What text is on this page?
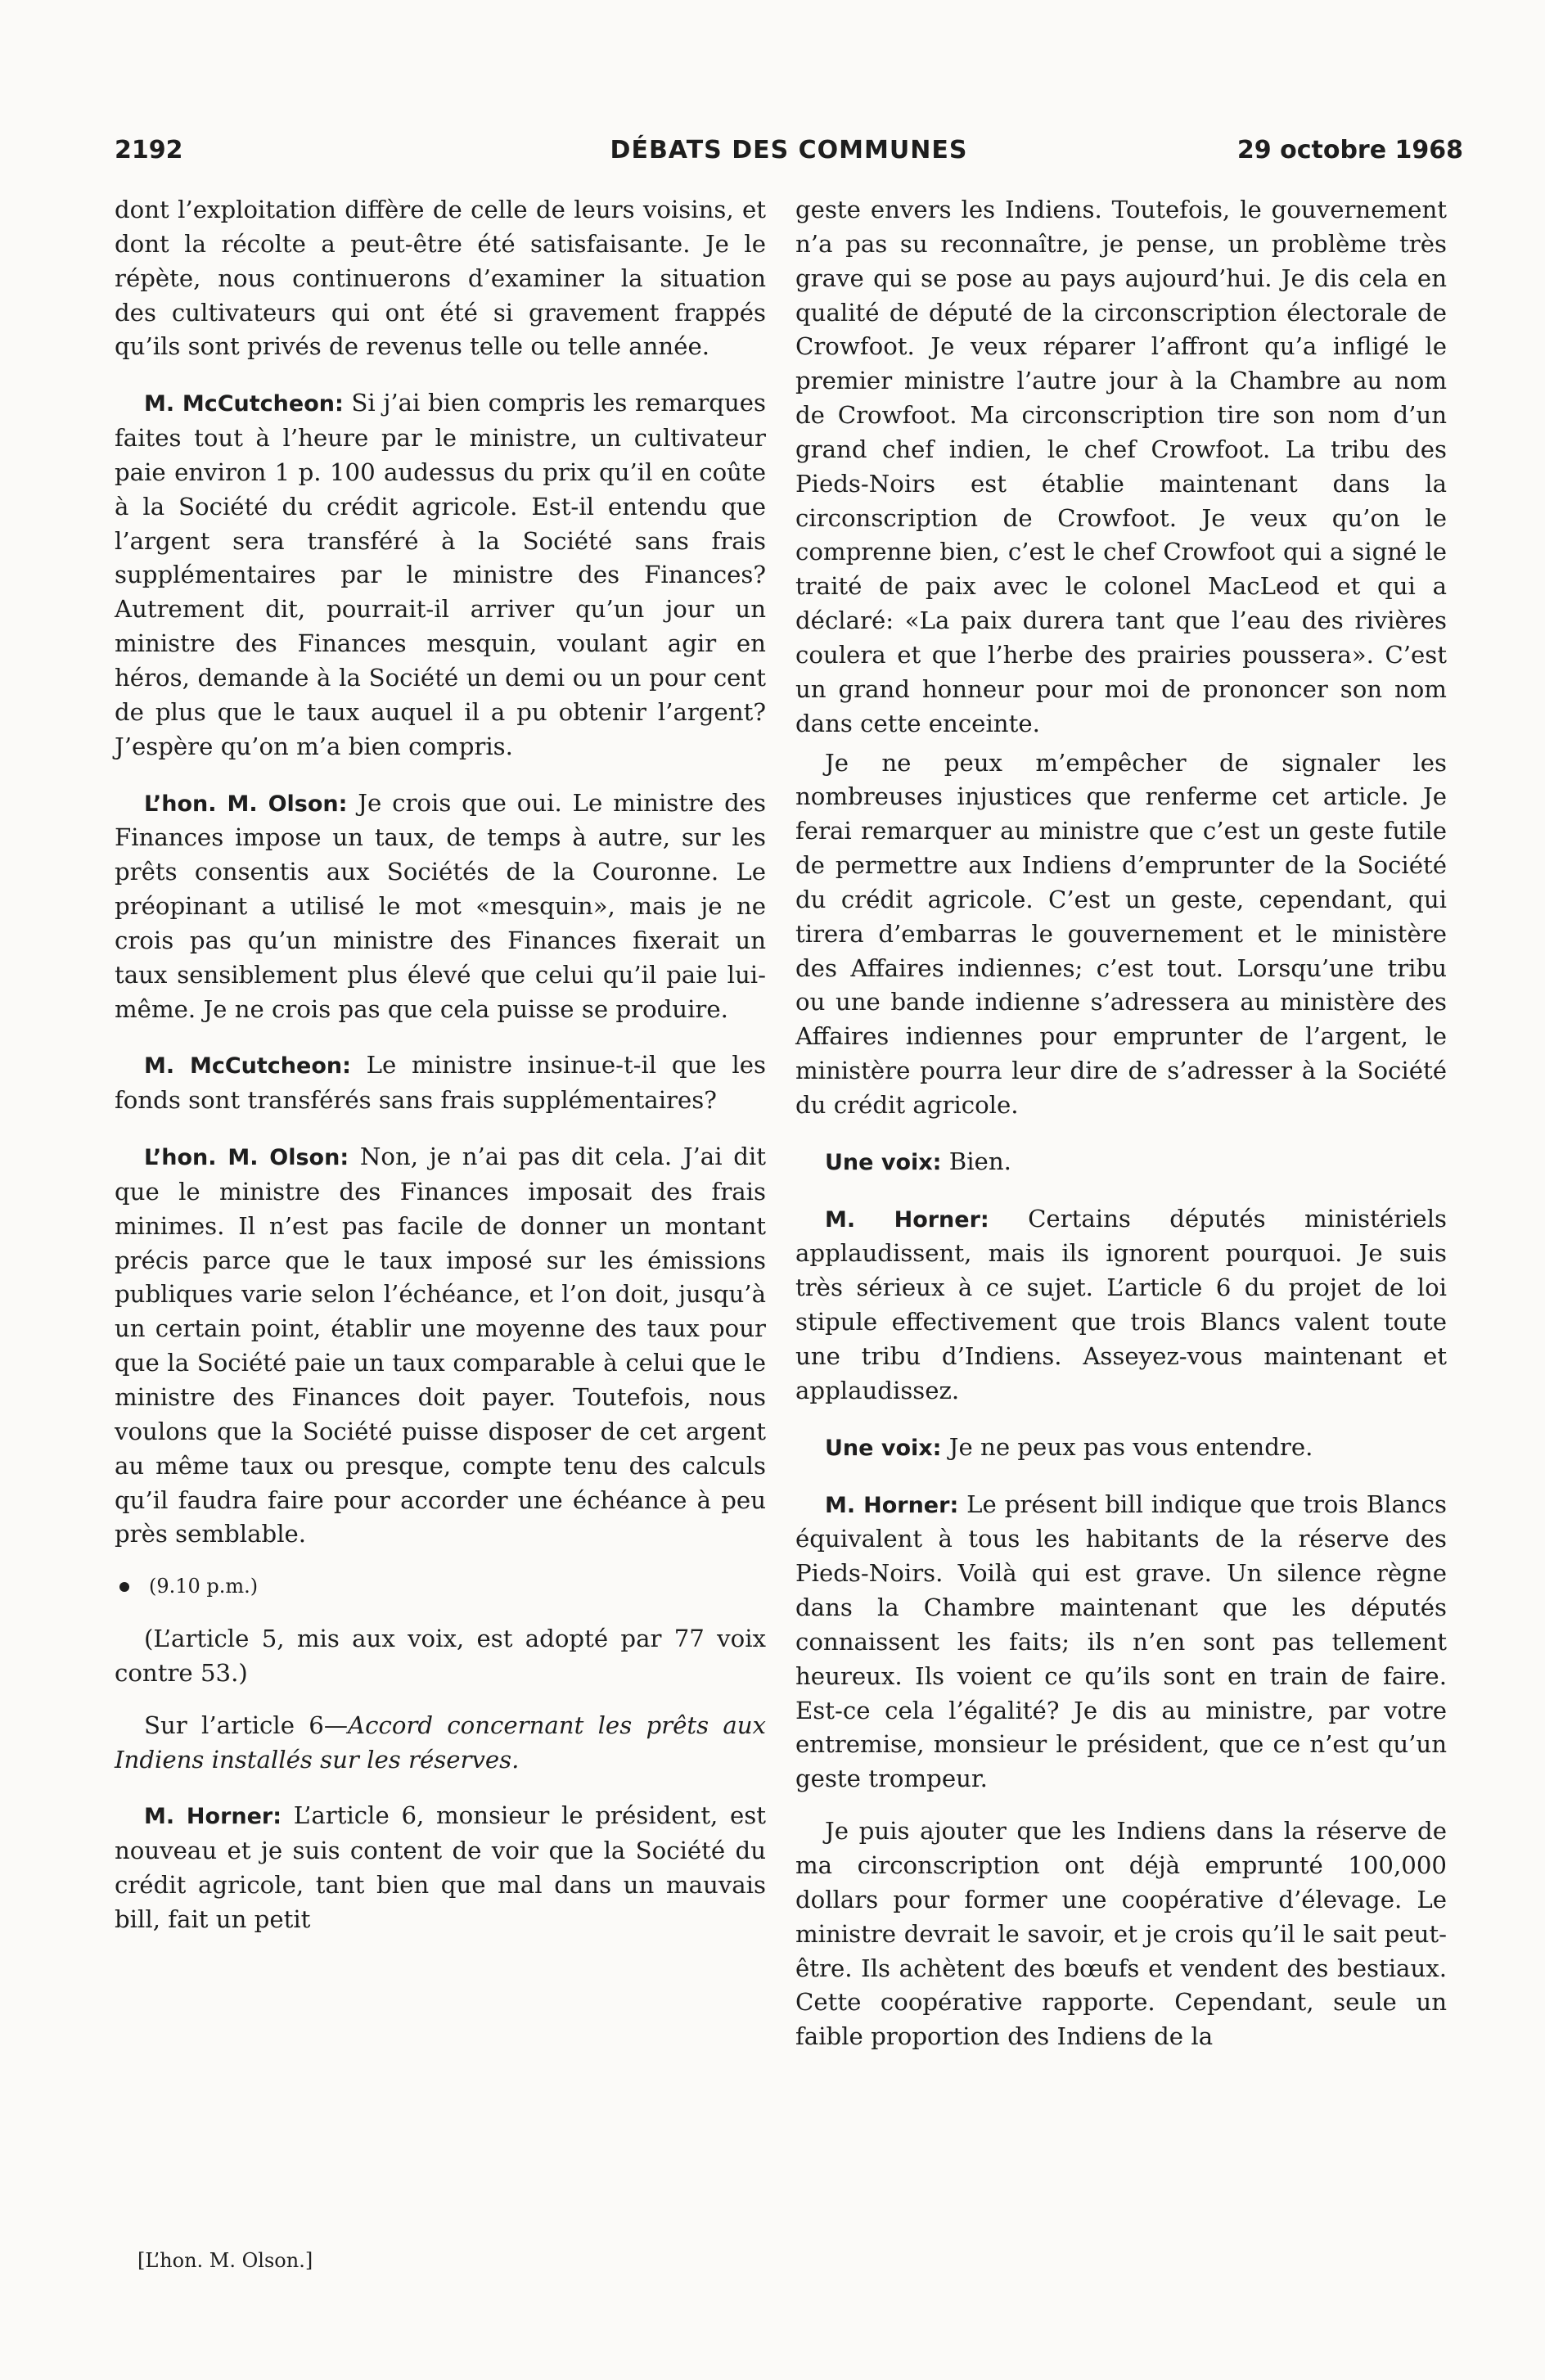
2192	DÉBATS DES COMMUNES	29 octobre 1968

dont l’exploitation diffère de celle de leurs voisins, et dont la récolte a peut-être été satisfaisante. Je le répète, nous continuerons d’examiner la situation des cultivateurs qui ont été si gravement frappés qu’ils sont privés de revenus telle ou telle année.

M. McCutcheon: Si j’ai bien compris les remarques faites tout à l’heure par le ministre, un cultivateur paie environ 1 p. 100 audessus du prix qu’il en coûte à la Société du crédit agricole. Est-il entendu que l’argent sera transféré à la Société sans frais supplémentaires par le ministre des Finances? Autrement dit, pourrait-il arriver qu’un jour un ministre des Finances mesquin, voulant agir en héros, demande à la Société un demi ou un pour cent de plus que le taux auquel il a pu obtenir l’argent? J’espère qu’on m’a bien compris.

L’hon. M. Olson: Je crois que oui. Le ministre des Finances impose un taux, de temps à autre, sur les prêts consentis aux Sociétés de la Couronne. Le préopinant a utilisé le mot «mesquin», mais je ne crois pas qu’un ministre des Finances fixerait un taux sensiblement plus élevé que celui qu’il paie lui-même. Je ne crois pas que cela puisse se produire.

M. McCutcheon: Le ministre insinue-t-il que les fonds sont transférés sans frais supplémentaires?

L’hon. M. Olson: Non, je n’ai pas dit cela. J’ai dit que le ministre des Finances imposait des frais minimes. Il n’est pas facile de donner un montant précis parce que le taux imposé sur les émissions publiques varie selon l’échéance, et l’on doit, jusqu’à un certain point, établir une moyenne des taux pour que la Société paie un taux comparable à celui que le ministre des Finances doit payer. Toutefois, nous voulons que la Société puisse disposer de cet argent au même taux ou presque, compte tenu des calculs qu’il faudra faire pour accorder une échéance à peu près semblable.

(9.10 p.m.)

(L’article 5, mis aux voix, est adopté par 77 voix contre 53.)

Sur l’article 6—Accord concernant les prêts aux Indiens installés sur les réserves.

M. Horner: L’article 6, monsieur le président, est nouveau et je suis content de voir que la Société du crédit agricole, tant bien que mal dans un mauvais bill, fait un petit

geste envers les Indiens. Toutefois, le gouvernement n’a pas su reconnaître, je pense, un problème très grave qui se pose au pays aujourd’hui. Je dis cela en qualité de député de la circonscription électorale de Crowfoot. Je veux réparer l’affront qu’a infligé le premier ministre l’autre jour à la Chambre au nom de Crowfoot. Ma circonscription tire son nom d’un grand chef indien, le chef Crowfoot. La tribu des Pieds-Noirs est établie maintenant dans la circonscription de Crowfoot. Je veux qu’on le comprenne bien, c’est le chef Crowfoot qui a signé le traité de paix avec le colonel MacLeod et qui a déclaré: «La paix durera tant que l’eau des rivières coulera et que l’herbe des prairies poussera». C’est un grand honneur pour moi de prononcer son nom dans cette enceinte.

Je ne peux m’empêcher de signaler les nombreuses injustices que renferme cet article. Je ferai remarquer au ministre que c’est un geste futile de permettre aux Indiens d’emprunter de la Société du crédit agricole. C’est un geste, cependant, qui tirera d’embarras le gouvernement et le ministère des Affaires indiennes; c’est tout. Lorsqu’une tribu ou une bande indienne s’adressera au ministère des Affaires indiennes pour emprunter de l’argent, le ministère pourra leur dire de s’adresser à la Société du crédit agricole.

Une voix: Bien.

M. Horner: Certains députés ministériels applaudissent, mais ils ignorent pourquoi. Je suis très sérieux à ce sujet. L’article 6 du projet de loi stipule effectivement que trois Blancs valent toute une tribu d’Indiens. Asseyez-vous maintenant et applaudissez.

Une voix: Je ne peux pas vous entendre.

M. Horner: Le présent bill indique que trois Blancs équivalent à tous les habitants de la réserve des Pieds-Noirs. Voilà qui est grave. Un silence règne dans la Chambre maintenant que les députés connaissent les faits; ils n’en sont pas tellement heureux. Ils voient ce qu’ils sont en train de faire. Est-ce cela l’égalité? Je dis au ministre, par votre entremise, monsieur le président, que ce n’est qu’un geste trompeur.

Je puis ajouter que les Indiens dans la réserve de ma circonscription ont déjà emprunté 100,000 dollars pour former une coopérative d’élevage. Le ministre devrait le savoir, et je crois qu’il le sait peut-être. Ils achètent des bœufs et vendent des bestiaux. Cette coopérative rapporte. Cependant, seule un faible proportion des Indiens de la

[L’hon. M. Olson.]
